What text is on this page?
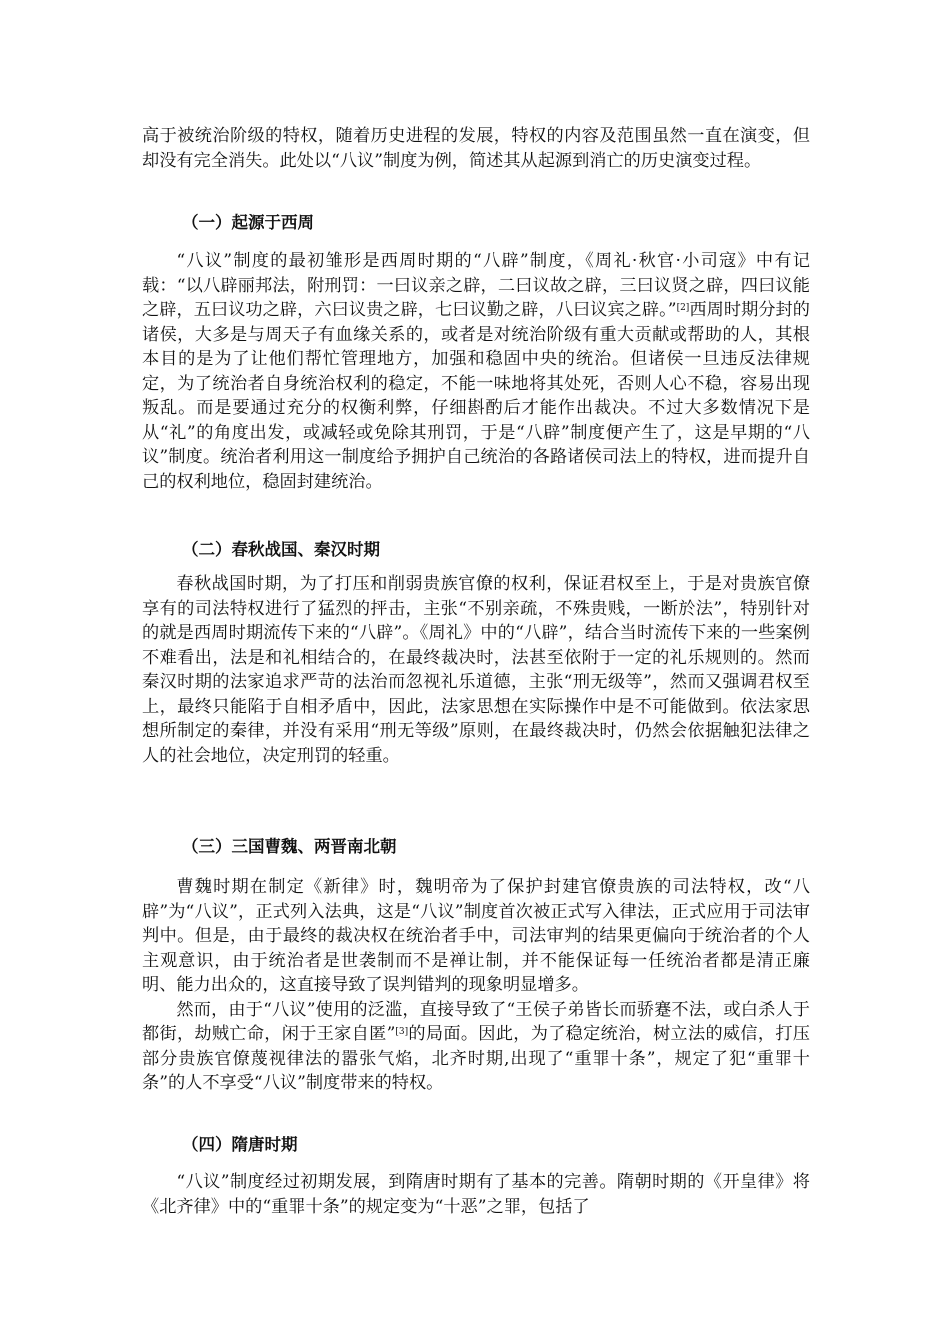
高于被统治阶级的特权，随着历史进程的发展，特权的内容及范围虽然一直在演变，但却没有完全消失。此处以“八议”制度为例，简述其从起源到消亡的历史演变过程。

（一）起源于西周

“八议”制度的最初雏形是西周时期的“八辟”制度，《周礼·秋官·小司寇》中有记载：“以八辟丽邦法，附刑罚：一曰议亲之辟，二曰议故之辟，三曰议贤之辟，四曰议能之辟，五曰议功之辟，六曰议贵之辟，七曰议勤之辟，八曰议宾之辟。”[2]西周时期分封的诸侯，大多是与周天子有血缘关系的，或者是对统治阶级有重大贡献或帮助的人，其根本目的是为了让他们帮忙管理地方，加强和稳固中央的统治。但诸侯一旦违反法律规定，为了统治者自身统治权利的稳定，不能一味地将其处死，否则人心不稳，容易出现叛乱。而是要通过充分的权衡利弊，仔细斟酌后才能作出裁决。不过大多数情况下是从“礼”的角度出发，或减轻或免除其刑罚，于是“八辟”制度便产生了，这是早期的“八议”制度。统治者利用这一制度给予拥护自己统治的各路诸侯司法上的特权，进而提升自己的权利地位，稳固封建统治。

（二）春秋战国、秦汉时期

春秋战国时期，为了打压和削弱贵族官僚的权利，保证君权至上，于是对贵族官僚享有的司法特权进行了猛烈的抨击，主张“不别亲疏，不殊贵贱，一断於法”，特别针对的就是西周时期流传下来的“八辟”。《周礼》中的“八辟”，结合当时流传下来的一些案例不难看出，法是和礼相结合的，在最终裁决时，法甚至依附于一定的礼乐规则的。然而秦汉时期的法家追求严苛的法治而忽视礼乐道德，主张“刑无级等”，然而又强调君权至上，最终只能陷于自相矛盾中，因此，法家思想在实际操作中是不可能做到。依法家思想所制定的秦律，并没有采用“刑无等级”原则，在最终裁决时，仍然会依据触犯法律之人的社会地位，决定刑罚的轻重。

（三）三国曹魏、两晋南北朝

曹魏时期在制定《新律》时，魏明帝为了保护封建官僚贵族的司法特权，改“八辟”为“八议”，正式列入法典，这是“八议”制度首次被正式写入律法，正式应用于司法审判中。但是，由于最终的裁决权在统治者手中，司法审判的结果更偏向于统治者的个人主观意识，由于统治者是世袭制而不是禅让制，并不能保证每一任统治者都是清正廉明、能力出众的，这直接导致了误判错判的现象明显增多。

然而，由于“八议”使用的泛滥，直接导致了“王侯子弟皆长而骄蹇不法，或白杀人于都街，劫贼亡命，闲于王家自匿”[3]的局面。因此，为了稳定统治，树立法的威信，打压部分贵族官僚蔑视律法的嚣张气焰，北齐时期,出现了“重罪十条”，规定了犯“重罪十条”的人不享受“八议”制度带来的特权。

（四）隋唐时期

“八议”制度经过初期发展，到隋唐时期有了基本的完善。隋朝时期的《开皇律》将《北齐律》中的“重罪十条”的规定变为“十恶”之罪，包括了
